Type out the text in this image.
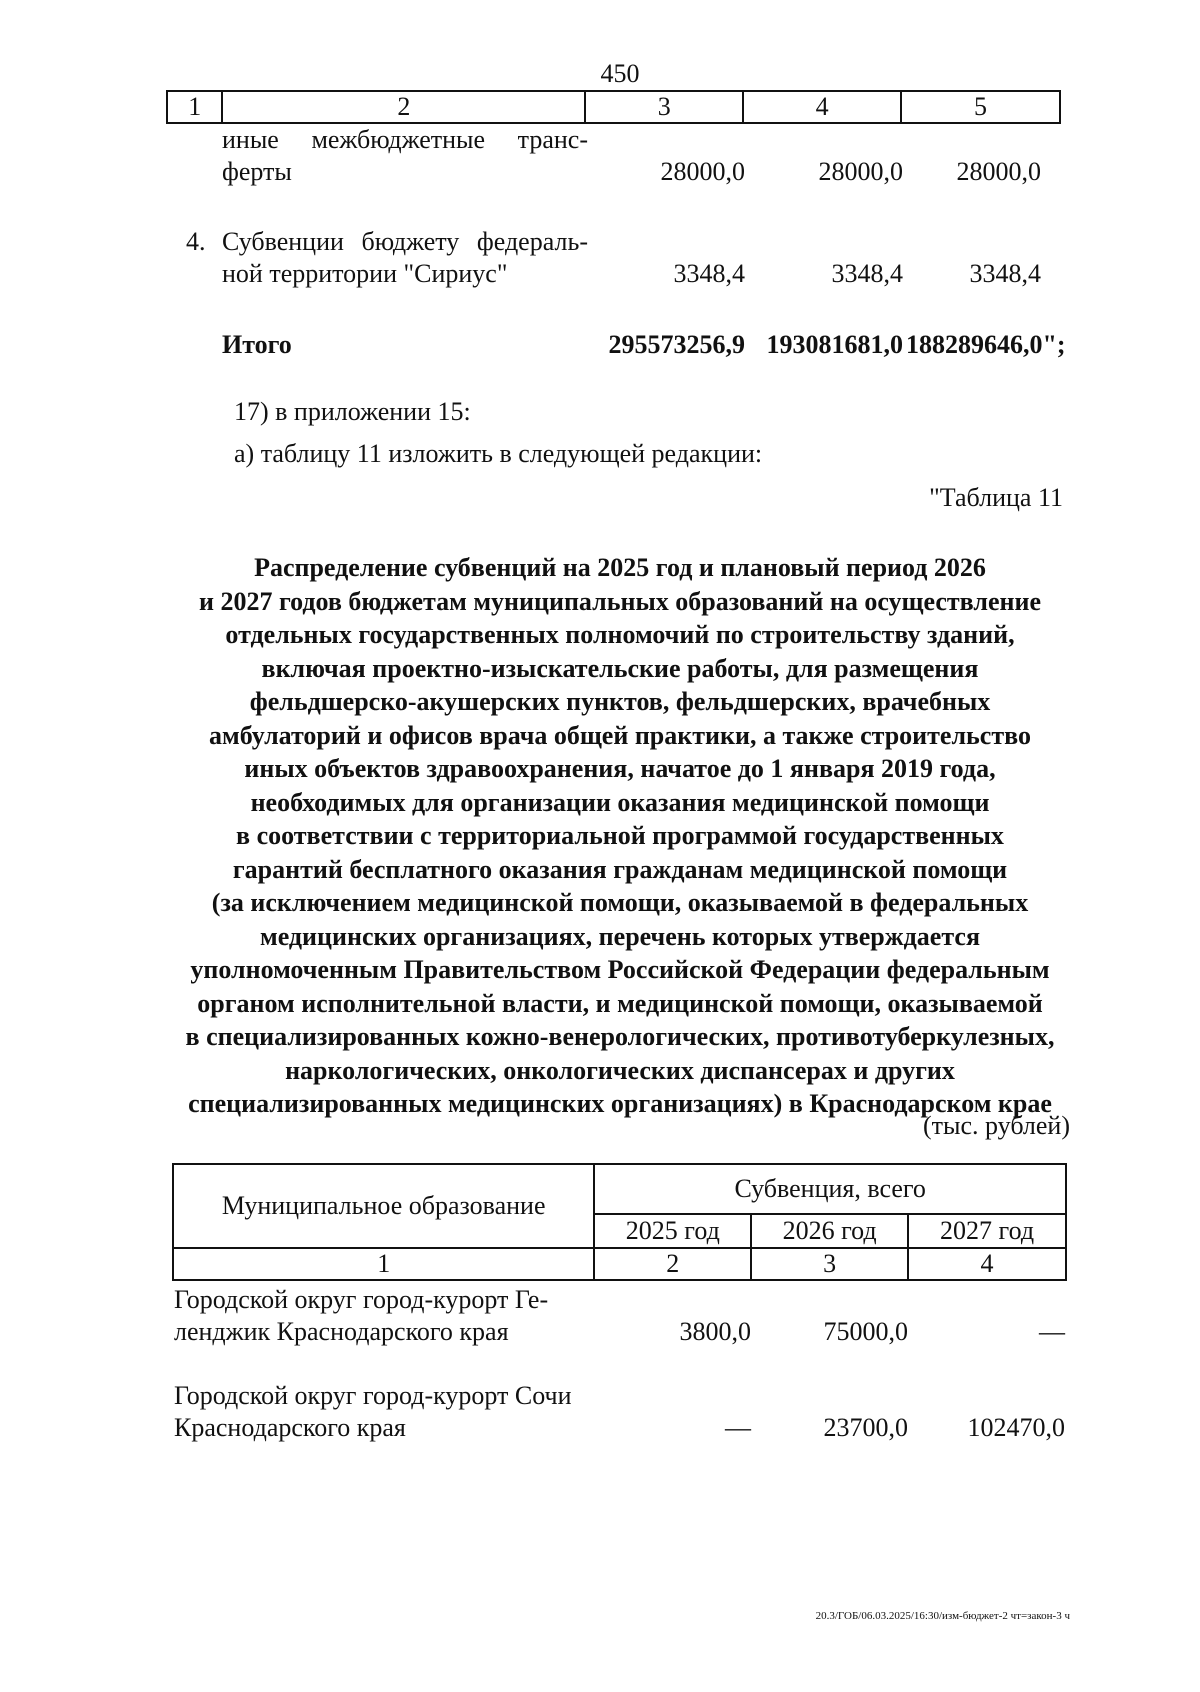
450
1	2	3	4	5
иные межбюджетные транс-
ферты	28000,0	28000,0	28000,0
4. Субвенции бюджету федераль-
ной территории "Сириус"	3348,4	3348,4	3348,4
Итого	295573256,9 193081681,0 188289646,0";
17) в приложении 15:
а) таблицу 11 изложить в следующей редакции:
"Таблица 11
Распределение субвенций на 2025 год и плановый период 2026
и 2027 годов бюджетам муниципальных образований на осуществление
отдельных государственных полномочий по строительству зданий,
включая проектно-изыскательские работы, для размещения
фельдшерско-акушерских пунктов, фельдшерских, врачебных
амбулаторий и офисов врача общей практики, а также строительство
иных объектов здравоохранения, начатое до 1 января 2019 года,
необходимых для организации оказания медицинской помощи
в соответствии с территориальной программой государственных
гарантий бесплатного оказания гражданам медицинской помощи
(за исключением медицинской помощи, оказываемой в федеральных
медицинских организациях, перечень которых утверждается
уполномоченным Правительством Российской Федерации федеральным
органом исполнительной власти, и медицинской помощи, оказываемой
в специализированных кожно-венерологических, противотуберкулезных,
наркологических, онкологических диспансерах и других
специализированных медицинских организациях) в Краснодарском крае
(тыс. рублей)
Муниципальное образование	Субвенция, всего		
	2025 год	2026 год	2027 год
1	2	3	4
Городской округ город-курорт Ге-
ленджик Краснодарского края	3800,0	75000,0	—
Городской округ город-курорт Сочи
Краснодарского края	—	23700,0	102470,0
20.3/ГОБ/06.03.2025/16:30/изм-бюджет-2 чт=закон-3 ч
